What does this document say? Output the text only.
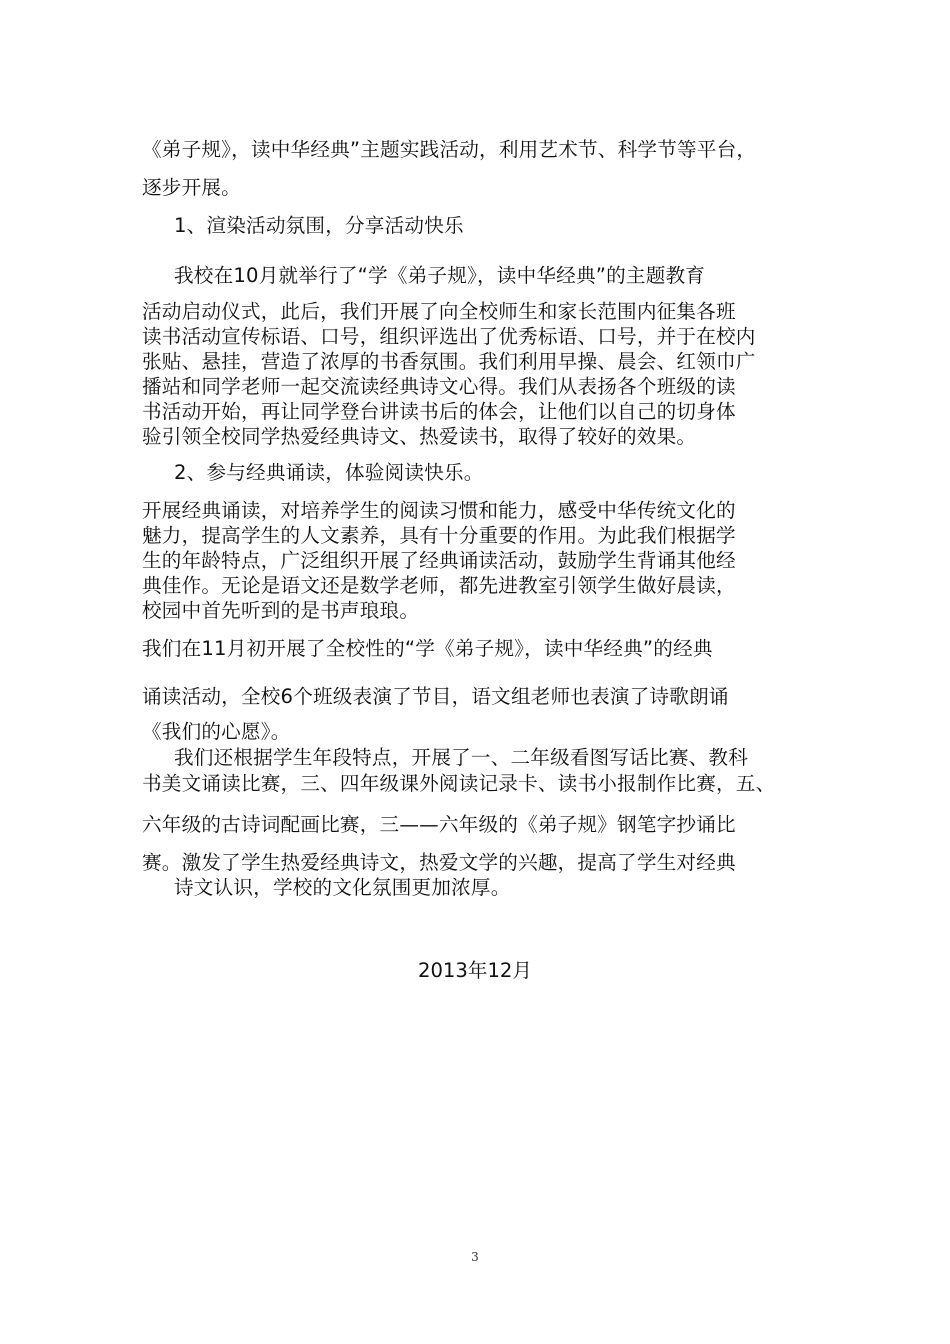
《弟子规》，读中华经典”主题实践活动，利用艺术节、科学节等平台，
逐步开展。
1、渲染活动氛围，分享活动快乐
我校在10月就举行了“学《弟子规》，读中华经典”的主题教育
活动启动仪式，此后，我们开展了向全校师生和家长范围内征集各班
读书活动宣传标语、口号，组织评选出了优秀标语、口号，并于在校内
张贴、悬挂，营造了浓厚的书香氛围。我们利用早操、晨会、红领巾广
播站和同学老师一起交流读经典诗文心得。我们从表扬各个班级的读
书活动开始，再让同学登台讲读书后的体会，让他们以自己的切身体
验引领全校同学热爱经典诗文、热爱读书，取得了较好的效果。
2、参与经典诵读，体验阅读快乐。
开展经典诵读，对培养学生的阅读习惯和能力，感受中华传统文化的
魅力，提高学生的人文素养，具有十分重要的作用。为此我们根据学
生的年龄特点，广泛组织开展了经典诵读活动，鼓励学生背诵其他经
典佳作。无论是语文还是数学老师，都先进教室引领学生做好晨读，
校园中首先听到的是书声琅琅。
我们在11月初开展了全校性的“学《弟子规》，读中华经典”的经典
诵读活动，全校6个班级表演了节目，语文组老师也表演了诗歌朗诵
《我们的心愿》。
我们还根据学生年段特点，开展了一、二年级看图写话比赛、教科
书美文诵读比赛，三、四年级课外阅读记录卡、读书小报制作比赛，五、
六年级的古诗词配画比赛，三——六年级的《弟子规》钢笔字抄诵比
赛。激发了学生热爱经典诗文，热爱文学的兴趣，提高了学生对经典
诗文认识，学校的文化氛围更加浓厚。
2013年12月
3
